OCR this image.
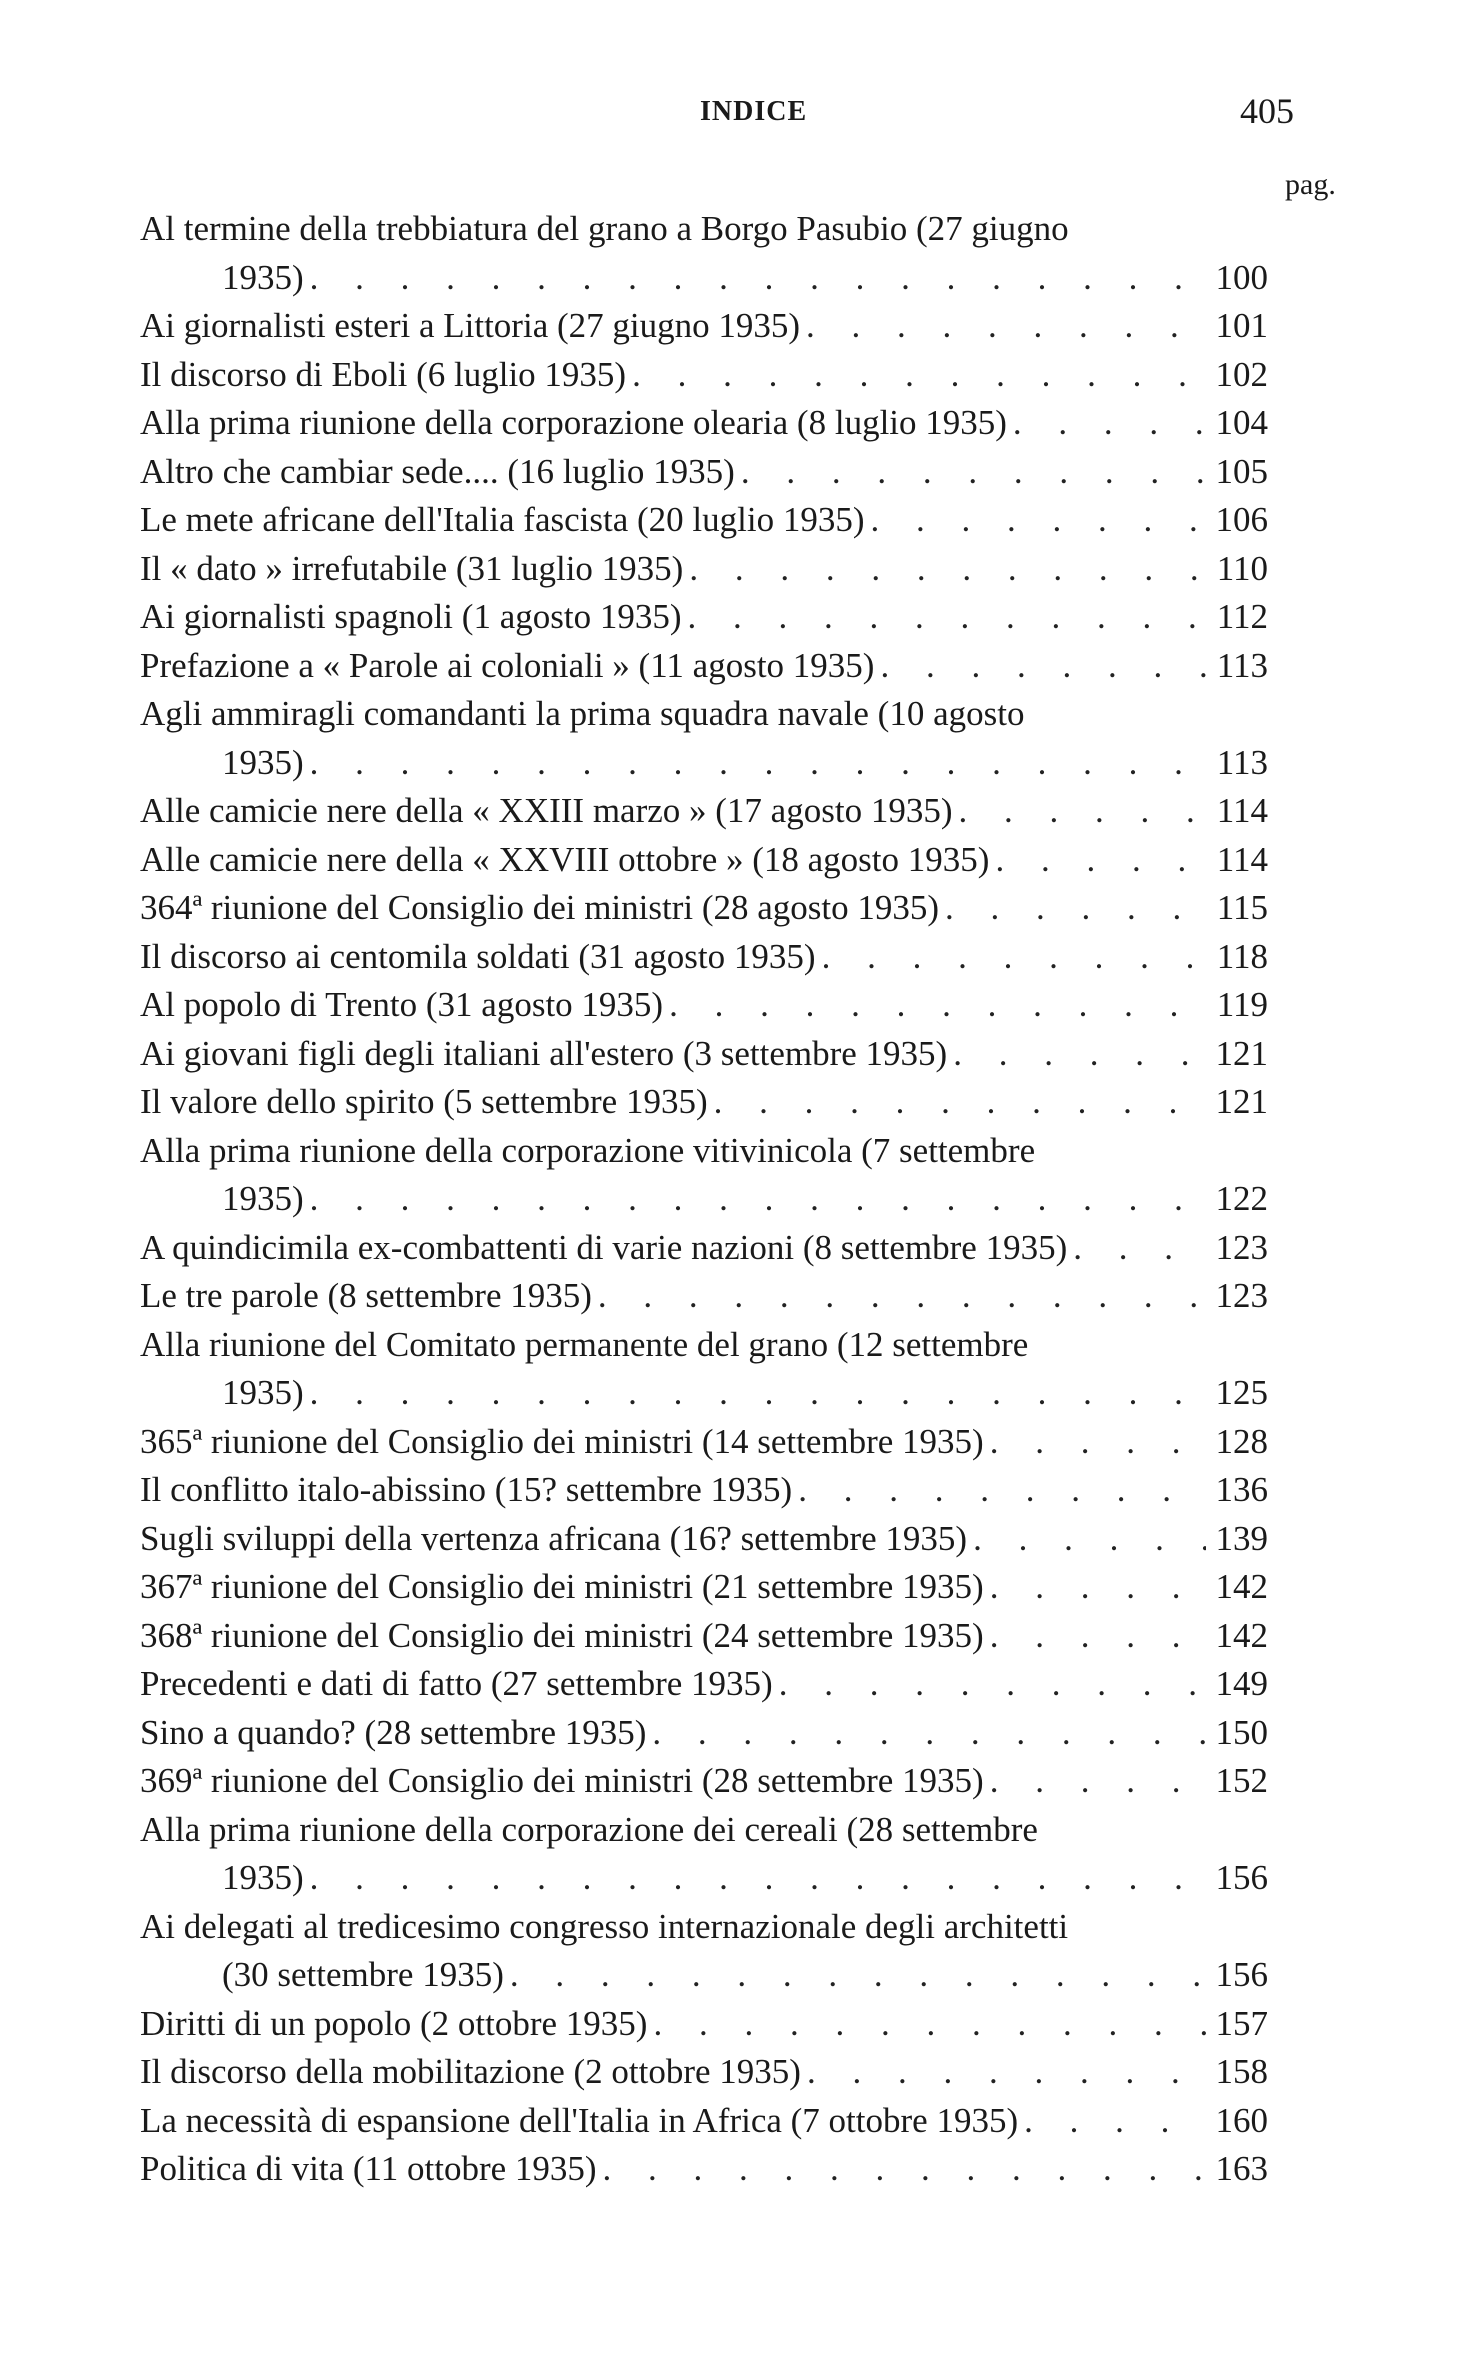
INDICE	405
pag.
Al termine della trebbiatura del grano a Borgo Pasubio (27 giugno
1935) . . .	100
Ai giornalisti esteri a Littoria (27 giugno 1935) . . .	101
Il discorso di Eboli (6 luglio 1935) . . .	102
Alla prima riunione della corporazione olearia (8 luglio 1935) . . .	104
Altro che cambiar sede.... (16 luglio 1935) . . .	105
Le mete africane dell'Italia fascista (20 luglio 1935) . . .	106
Il « dato » irrefutabile (31 luglio 1935) . . .	110
Ai giornalisti spagnoli (1 agosto 1935) . . .	112
Prefazione a « Parole ai coloniali » (11 agosto 1935) . . .	113
Agli ammiragli comandanti la prima squadra navale (10 agosto
1935) . . .	113
Alle camicie nere della « XXIII marzo » (17 agosto 1935) . . .	114
Alle camicie nere della « XXVIII ottobre » (18 agosto 1935) . . .	114
364ª riunione del Consiglio dei ministri (28 agosto 1935) . . .	115
Il discorso ai centomila soldati (31 agosto 1935) . . .	118
Al popolo di Trento (31 agosto 1935) . . .	119
Ai giovani figli degli italiani all'estero (3 settembre 1935) . . .	121
Il valore dello spirito (5 settembre 1935) . . .	121
Alla prima riunione della corporazione vitivinicola (7 settembre
1935) . . .	122
A quindicimila ex-combattenti di varie nazioni (8 settembre 1935) . . .	123
Le tre parole (8 settembre 1935) . . .	123
Alla riunione del Comitato permanente del grano (12 settembre
1935) . . .	125
365ª riunione del Consiglio dei ministri (14 settembre 1935) . . .	128
Il conflitto italo-abissino (15? settembre 1935) . . .	136
Sugli sviluppi della vertenza africana (16? settembre 1935) . . .	139
367ª riunione del Consiglio dei ministri (21 settembre 1935) . . .	142
368ª riunione del Consiglio dei ministri (24 settembre 1935) . . .	142
Precedenti e dati di fatto (27 settembre 1935) . . .	149
Sino a quando? (28 settembre 1935) . . .	150
369ª riunione del Consiglio dei ministri (28 settembre 1935) . . .	152
Alla prima riunione della corporazione dei cereali (28 settembre
1935) . . .	156
Ai delegati al tredicesimo congresso internazionale degli architetti
(30 settembre 1935) . . .	156
Diritti di un popolo (2 ottobre 1935) . . .	157
Il discorso della mobilitazione (2 ottobre 1935) . . .	158
La necessità di espansione dell'Italia in Africa (7 ottobre 1935) . . .	160
Politica di vita (11 ottobre 1935) . . .	163
